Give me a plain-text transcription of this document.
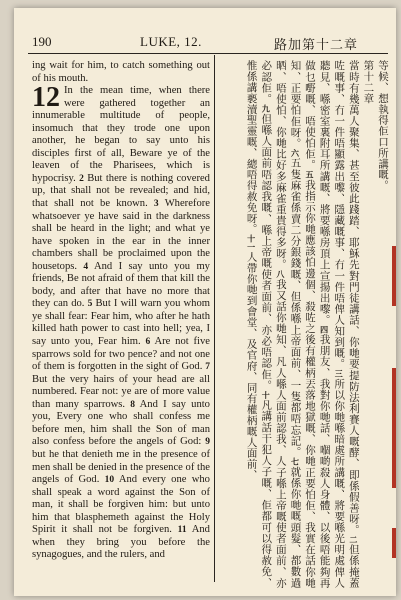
190	LUKE, 12.	路加第十二章

ing wait for him, to catch something out of his mouth.

12 In the mean time, when there were gathered together an innumerable multitude of people, insomuch that they trode one upon another, he began to say unto his disciples first of all, Beware ye of the leaven of the Pharisees, which is hypocrisy. 2 But there is nothing covered up, that shall not be revealed; and hid, that shall not be known. 3 Wherefore whatsoever ye have said in the darkness shall be heard in the light; and what ye have spoken in the ear in the inner chambers shall be proclaimed upon the housetops. 4 And I say unto you my friends, Be not afraid of them that kill the body, and after that have no more that they can do. 5 But I will warn you whom ye shall fear: Fear him, who after he hath killed hath power to cast into hell; yea, I say unto you, Fear him. 6 Are not five sparrows sold for two pence? and not one of them is forgotten in the sight of God. 7 But the very hairs of your head are all numbered. Fear not: ye are of more value than many sparrows. 8 And I say unto you, Every one who shall confess me before men, him shall the Son of man also confess before the angels of God: 9 but he that denieth me in the presence of men shall be denied in the presence of the angels of God. 10 And every one who shall speak a word against the Son of man, it shall be forgiven him: but unto him that blasphemeth against the Holy Spirit it shall not be forgiven. 11 And when they bring you before the synagogues, and the rulers, and

等候、想執得佢口所講嘅。

第十二章

當時有幾萬人聚集、甚至彼此踐踏、耶穌先對門徒講話、你哋要提防法利賽人嘅酵、即係假善呀。二但係掩蓋咗嘅事、冇一件唔顯露出嚟、隱藏嘅事、冇一件唔俾人知到嘅。三所以你哋喺暗處所講嘅、將要喺光明處俾人聽見、喺密室裏附耳所講嘅、將要喺房頂上宣揚出嚟。四我朋友、我對你哋話、嗰啲殺人身體、以後唔能夠再做乜嘢嘅、唔使怕佢。五我指示你哋應該怕邊個、殺咗之後有權柄丟落地獄嘅、你哋正要怕佢、我實在話你哋知、正要怕佢呀。六五隻麻雀係賣二分銀錢嘅、但係喺上帝面前、一隻都唔忘記。七就係你哋嘅頭髮、都數過晒、唔使怕、你哋比好多麻雀重貴得多呀。八我又話你哋知、凡人喺人面前認我、人子喺上帝嘅使者面前、亦必認佢。九但喺人面前唔認我嘅、喺上帝嘅使者面前、亦必唔認佢。十凡講話干犯人子嘅、佢都可以得赦免、惟係講褻瀆聖靈嘅、總唔得赦免呀。十一人帶你哋到會堂、及官府、同有權柄嘅人面前、
